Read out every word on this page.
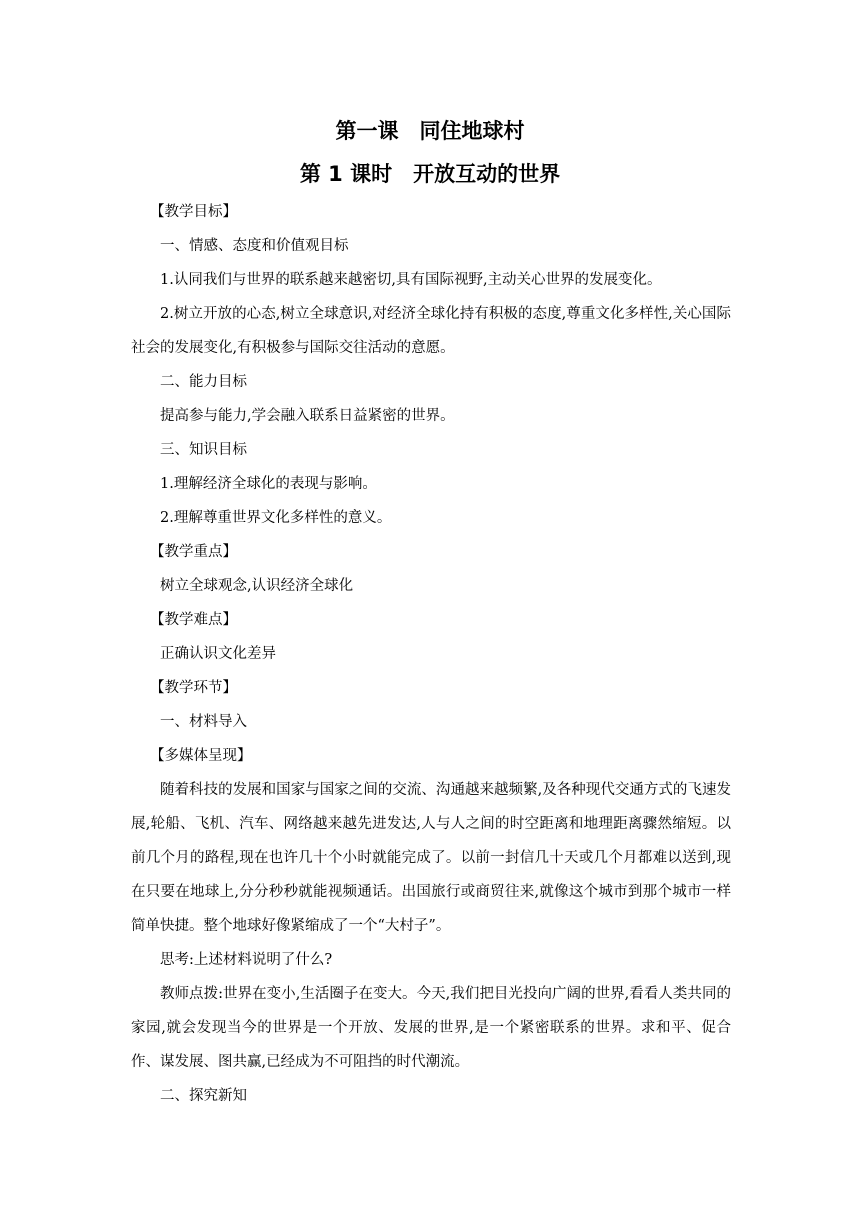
第一课　同住地球村
第 1 课时　开放互动的世界
【教学目标】
一、情感、态度和价值观目标
1.认同我们与世界的联系越来越密切,具有国际视野,主动关心世界的发展变化。
2.树立开放的心态,树立全球意识,对经济全球化持有积极的态度,尊重文化多样性,关心国际社会的发展变化,有积极参与国际交往活动的意愿。
二、能力目标
提高参与能力,学会融入联系日益紧密的世界。
三、知识目标
1.理解经济全球化的表现与影响。
2.理解尊重世界文化多样性的意义。
【教学重点】
树立全球观念,认识经济全球化
【教学难点】
正确认识文化差异
【教学环节】
一、材料导入
【多媒体呈现】
随着科技的发展和国家与国家之间的交流、沟通越来越频繁,及各种现代交通方式的飞速发展,轮船、飞机、汽车、网络越来越先进发达,人与人之间的时空距离和地理距离骤然缩短。以前几个月的路程,现在也许几十个小时就能完成了。以前一封信几十天或几个月都难以送到,现在只要在地球上,分分秒秒就能视频通话。出国旅行或商贸往来,就像这个城市到那个城市一样简单快捷。整个地球好像紧缩成了一个“大村子”。
思考:上述材料说明了什么?
教师点拨:世界在变小,生活圈子在变大。今天,我们把目光投向广阔的世界,看看人类共同的家园,就会发现当今的世界是一个开放、发展的世界,是一个紧密联系的世界。求和平、促合作、谋发展、图共赢,已经成为不可阻挡的时代潮流。
二、探究新知
